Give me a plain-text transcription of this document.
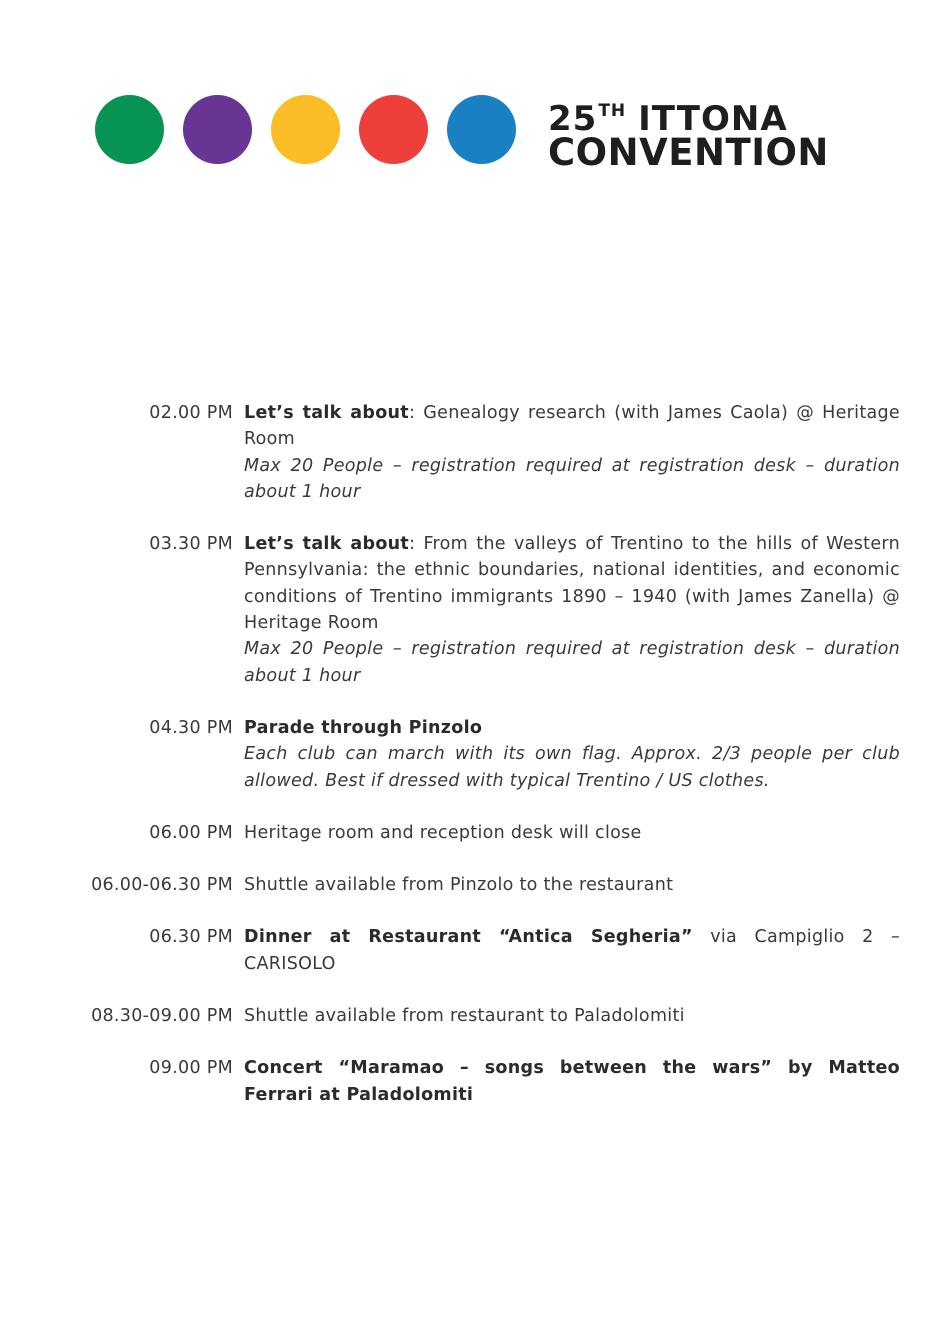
25TH ITTONA
CONVENTION
02.00 PM Let’s talk about: Genealogy research (with James Caola) @ Heritage Room

Max 20 People – registration required at registration desk – duration about 1 hour

03.30 PM Let’s talk about: From the valleys of Trentino to the hills of Western Pennsylvania: the ethnic boundaries, national identities, and economic conditions of Trentino immigrants 1890 – 1940 (with James Zanella) @ Heritage Room

Max 20 People – registration required at registration desk – duration about 1 hour

04.30 PM Parade through Pinzolo

Each club can march with its own flag. Approx. 2/3 people per club allowed. Best if dressed with typical Trentino / US clothes.

06.00 PM Heritage room and reception desk will close

06.00-06.30 PM Shuttle available from Pinzolo to the restaurant

06.30 PM Dinner at Restaurant “Antica Segheria” via Campiglio 2 – CARISOLO

08.30-09.00 PM Shuttle available from restaurant to Paladolomiti

09.00 PM Concert “Maramao – songs between the wars” by Matteo Ferrari at Paladolomiti
